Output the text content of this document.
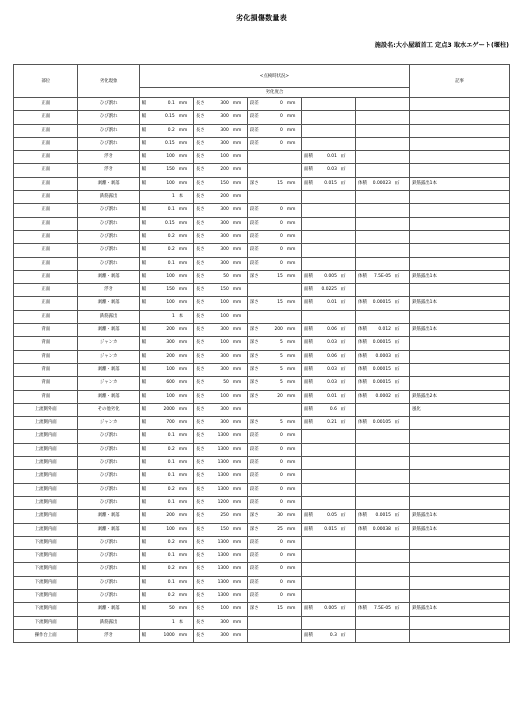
劣化損傷数量表
施設名:大小屋頭首工 定点3 取水エゲート(堰柱)
部位	劣化現象	<点検時状況>															記事
		劣化度合															
正面	ひび割れ	幅	0.1	mm	長さ	300	mm	段差	0	mm							
正面	ひび割れ	幅	0.15	mm	長さ	300	mm	段差	0	mm							
正面	ひび割れ	幅	0.2	mm	長さ	300	mm	段差	0	mm							
正面	ひび割れ	幅	0.15	mm	長さ	300	mm	段差	0	mm							
正面	浮き	幅	100	mm	長さ	100	mm				面積	0.01	㎡				
正面	浮き	幅	150	mm	長さ	200	mm				面積	0.03	㎡				
正面	剥離・剥落	幅	100	mm	長さ	150	mm	深さ	15	mm	面積	0.015	㎡	体積	0.00023	㎥	鉄筋露出1本
正面	鉄筋露出		1	本	長さ	200	mm										
正面	ひび割れ	幅	0.1	mm	長さ	300	mm	段差	0	mm							
正面	ひび割れ	幅	0.15	mm	長さ	300	mm	段差	0	mm							
正面	ひび割れ	幅	0.2	mm	長さ	300	mm	段差	0	mm							
正面	ひび割れ	幅	0.2	mm	長さ	300	mm	段差	0	mm							
正面	ひび割れ	幅	0.1	mm	長さ	300	mm	段差	0	mm							
正面	剥離・剥落	幅	100	mm	長さ	50	mm	深さ	15	mm	面積	0.005	㎡	体積	7.5E-05	㎥	鉄筋露出1本
正面	浮き	幅	150	mm	長さ	150	mm				面積	0.0225	㎡				
正面	剥離・剥落	幅	100	mm	長さ	100	mm	深さ	15	mm	面積	0.01	㎡	体積	0.00015	㎥	鉄筋露出1本
正面	鉄筋露出		1	本	長さ	100	mm										
背面	剥離・剥落	幅	200	mm	長さ	300	mm	深さ	200	mm	面積	0.06	㎡	体積	0.012	㎥	鉄筋露出1本
背面	ジャンカ	幅	300	mm	長さ	100	mm	深さ	5	mm	面積	0.03	㎡	体積	0.00015	㎥	
背面	ジャンカ	幅	200	mm	長さ	300	mm	深さ	5	mm	面積	0.06	㎡	体積	0.0003	㎥	
背面	剥離・剥落	幅	100	mm	長さ	300	mm	深さ	5	mm	面積	0.03	㎡	体積	0.00015	㎥	
背面	ジャンカ	幅	600	mm	長さ	50	mm	深さ	5	mm	面積	0.03	㎡	体積	0.00015	㎥	
背面	剥離・剥落	幅	100	mm	長さ	100	mm	深さ	20	mm	面積	0.01	㎡	体積	0.0002	㎥	鉄筋露出2本
上流側外面	その他劣化	幅	2000	mm	長さ	300	mm				面積	0.6	㎡				風化
上流側内面	ジャンカ	幅	700	mm	長さ	300	mm	深さ	5	mm	面積	0.21	㎡	体積	0.00105	㎥	
上流側内面	ひび割れ	幅	0.1	mm	長さ	1300	mm	段差	0	mm							
上流側内面	ひび割れ	幅	0.2	mm	長さ	1300	mm	段差	0	mm							
上流側内面	ひび割れ	幅	0.1	mm	長さ	1300	mm	段差	0	mm							
上流側内面	ひび割れ	幅	0.1	mm	長さ	1300	mm	段差	0	mm							
上流側内面	ひび割れ	幅	0.2	mm	長さ	1300	mm	段差	0	mm							
上流側内面	ひび割れ	幅	0.1	mm	長さ	1200	mm	段差	0	mm							
上流側内面	剥離・剥落	幅	200	mm	長さ	250	mm	深さ	30	mm	面積	0.05	㎡	体積	0.0015	㎥	鉄筋露出1本
上流側内面	剥離・剥落	幅	100	mm	長さ	150	mm	深さ	25	mm	面積	0.015	㎡	体積	0.00038	㎥	鉄筋露出1本
下流側内面	ひび割れ	幅	0.2	mm	長さ	1300	mm	段差	0	mm							
下流側内面	ひび割れ	幅	0.1	mm	長さ	1300	mm	段差	0	mm							
下流側内面	ひび割れ	幅	0.2	mm	長さ	1300	mm	段差	0	mm							
下流側内面	ひび割れ	幅	0.1	mm	長さ	1300	mm	段差	0	mm							
下流側内面	ひび割れ	幅	0.2	mm	長さ	1300	mm	段差	0	mm							
下流側内面	剥離・剥落	幅	50	mm	長さ	100	mm	深さ	15	mm	面積	0.005	㎡	体積	7.5E-05	㎥	鉄筋露出1本
下流側内面	鉄筋露出		1	本	長さ	300	mm										
操作台上面	浮き	幅	1000	mm	長さ	300	mm				面積	0.3	㎡				
